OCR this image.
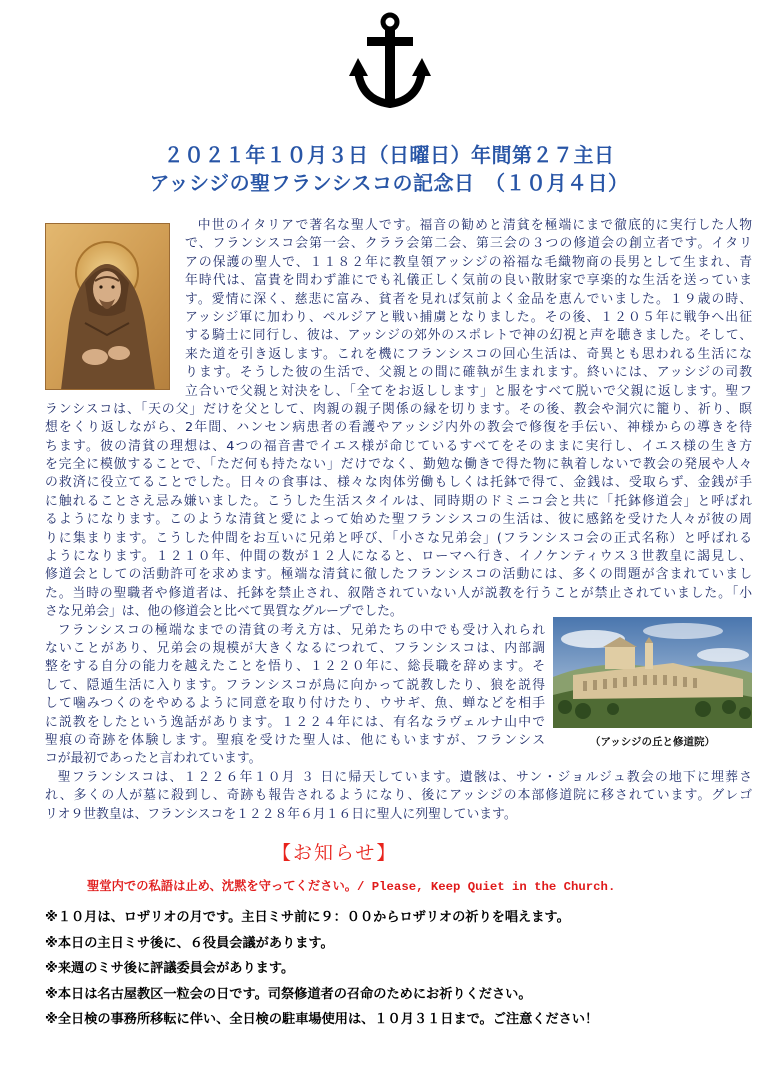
２０２１年１０月３日（日曜日）年間第２７主日
アッシジの聖フランシスコの記念日　（１０月４日）
中世のイタリアで著名な聖人です。福音の勧めと清貧を極端にまで徹底的に実行した人物
で、フランシスコ会第一会、クララ会第二会、第三会の３つの修道会の創立者です。イタリ
アの保護の聖人で、１１８２年に教皇領アッシジの裕福な毛織物商の長男として生まれ、青
年時代は、富貴を問わず誰にでも礼儀正しく気前の良い散財家で享楽的な生活を送っていま
す。愛情に深く、慈悲に富み、貧者を見れば気前よく金品を恵んでいました。１９歳の時、
アッシジ軍に加わり、ペルジアと戦い捕虜となりました。その後、１２０５年に戦争へ出征
する騎士に同行し、彼は、アッシジの郊外のスポレトで神の幻視と声を聴きました。そして、
来た道を引き返します。これを機にフランシスコの回心生活は、奇異とも思われる生活にな
ります。そうした彼の生活で、父親との間に確執が生まれます。終いには、アッシジの司教
立合いで父親と対決をし、「全てをお返しします」と服をすべて脱いで父親に返します。聖フ
ランシスコは、「天の父」だけを父として、肉親の親子関係の縁を切ります。その後、教会や洞穴に籠り、祈り、瞑
想をくり返しながら、2年間、ハンセン病患者の看護やアッシジ内外の教会で修復を手伝い、神様からの導きを待
ちます。彼の清貧の理想は、4つの福音書でイエス様が命じているすべてをそのままに実行し、イエス様の生き方
を完全に模倣することで、「ただ何も持たない」だけでなく、勤勉な働きで得た物に執着しないで教会の発展や人々
の救済に役立てることでした。日々の食事は、様々な肉体労働もしくは托鉢で得て、金銭は、受取らず、金銭が手
に触れることさえ忌み嫌いました。こうした生活スタイルは、同時期のドミニコ会と共に「托鉢修道会」と呼ばれ
るようになります。このような清貧と愛によって始めた聖フランシスコの生活は、彼に感銘を受けた人々が彼の周
りに集まります。こうした仲間をお互いに兄弟と呼び、「小さな兄弟会」(フランシスコ会の正式名称）と呼ばれる
ようになります。１２１０年、仲間の数が１２人になると、ローマへ行き、イノケンティウス３世教皇に謁見し、
修道会としての活動許可を求めます。極端な清貧に徹したフランシスコの活動には、多くの問題が含まれていまし
た。当時の聖職者や修道者は、托鉢を禁止され、叙階されていない人が説教を行うことが禁止されていました。「小
さな兄弟会」は、他の修道会と比べて異質なグループでした。
フランシスコの極端なまでの清貧の考え方は、兄弟たちの中でも受け入れられ
ないことがあり、兄弟会の規模が大きくなるにつれて、フランシスコは、内部調
整をする自分の能力を越えたことを悟り、１２２０年に、総長職を辞めます。そ
して、隠遁生活に入ります。フランシスコが鳥に向かって説教したり、狼を説得
して噛みつくのをやめるように同意を取り付けたり、ウサギ、魚、蝉などを相手
に説教をしたという逸話があります。１２２４年には、有名なラヴェルナ山中で
聖痕の奇跡を体験します。聖痕を受けた聖人は、他にもいますが、フランシス
コが最初であったと言われています。
聖フランシスコは、１２２６年１０月 ３ 日に帰天しています。遺骸は、サン・ジョルジュ教会の地下に埋葬さ
れ、多くの人が墓に殺到し、奇跡も報告されるようになり、後にアッシジの本部修道院に移されています。グレゴ
リオ９世教皇は、フランシスコを１２２８年６月１６日に聖人に列聖しています。
（アッシジの丘と修道院）
【お知らせ】
聖堂内での私語は止め、沈黙を守ってください。/ Please, Keep Quiet in the Church.
※１０月は、ロザリオの月です。主日ミサ前に９：００からロザリオの祈りを唱えます。
※本日の主日ミサ後に、６役員会議があります。
※来週のミサ後に評議委員会があります。
※本日は名古屋教区一粒会の日です。司祭修道者の召命のためにお祈りください。
※全日検の事務所移転に伴い、全日検の駐車場使用は、１０月３１日まで。ご注意ください！
